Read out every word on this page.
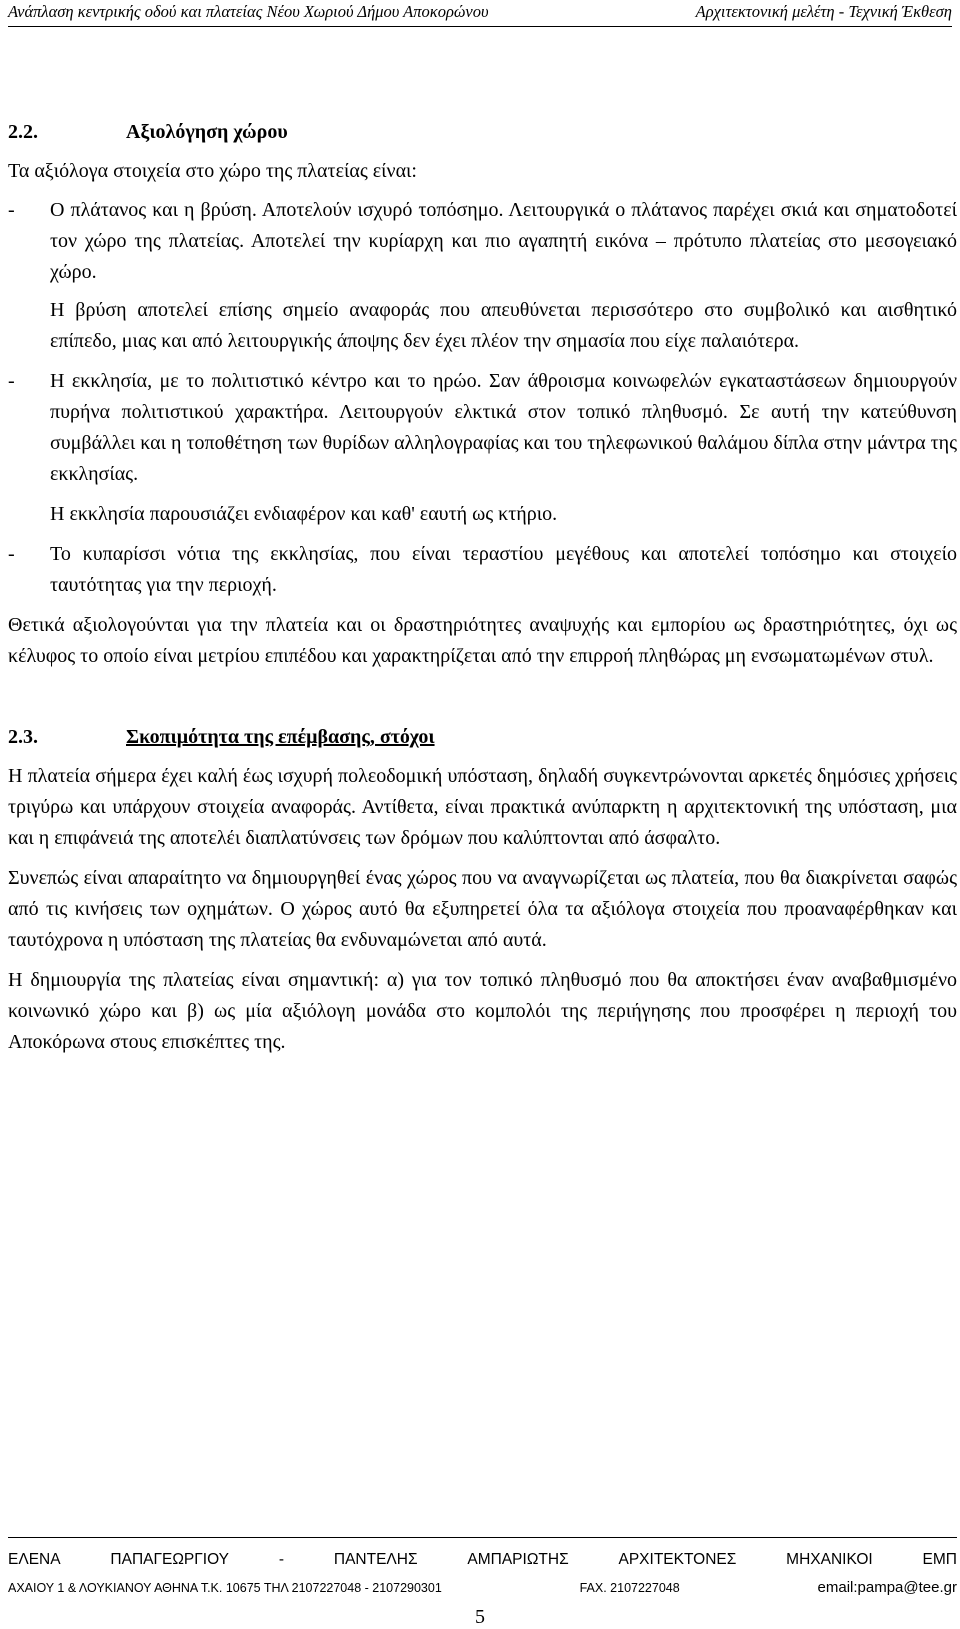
Ανάπλαση κεντρικής οδού και πλατείας Νέου Χωριού Δήμου Αποκορώνου	Αρχιτεκτονική μελέτη - Τεχνική Έκθεση
2.2.	Αξιολόγηση χώρου

Τα αξιόλογα στοιχεία στο χώρο της πλατείας είναι:

- Ο πλάτανος και η βρύση. Αποτελούν ισχυρό τοπόσημο. Λειτουργικά ο πλάτανος παρέχει σκιά και σηματοδοτεί τον χώρο της πλατείας. Αποτελεί την κυρίαρχη και πιο αγαπητή εικόνα – πρότυπο πλατείας στο μεσογειακό χώρο.

Η βρύση αποτελεί επίσης σημείο αναφοράς που απευθύνεται περισσότερο στο συμβολικό και αισθητικό επίπεδο, μιας και από λειτουργικής άποψης δεν έχει πλέον την σημασία που είχε παλαιότερα.

- Η εκκλησία, με το πολιτιστικό κέντρο και το ηρώο. Σαν άθροισμα κοινωφελών εγκαταστάσεων δημιουργούν πυρήνα πολιτιστικού χαρακτήρα. Λειτουργούν ελκτικά στον τοπικό πληθυσμό. Σε αυτή την κατεύθυνση συμβάλλει και η τοποθέτηση των θυρίδων αλληλογραφίας και του τηλεφωνικού θαλάμου δίπλα στην μάντρα της εκκλησίας.

Η εκκλησία παρουσιάζει ενδιαφέρον και καθ' εαυτή ως κτήριο.

- Το κυπαρίσσι νότια της εκκλησίας, που είναι τεραστίου μεγέθους και αποτελεί τοπόσημο και στοιχείο ταυτότητας για την περιοχή.

Θετικά αξιολογούνται για την πλατεία και οι δραστηριότητες αναψυχής και εμπορίου ως δραστηριότητες, όχι ως κέλυφος το οποίο είναι μετρίου επιπέδου και χαρακτηρίζεται από την επιρροή πληθώρας μη ενσωματωμένων στυλ.

2.3.	Σκοπιμότητα της επέμβασης, στόχοι

Η πλατεία σήμερα έχει καλή έως ισχυρή πολεοδομική υπόσταση, δηλαδή συγκεντρώνονται αρκετές δημόσιες χρήσεις τριγύρω και υπάρχουν στοιχεία αναφοράς. Αντίθετα, είναι πρακτικά ανύπαρκτη η αρχιτεκτονική της υπόσταση, μια και η επιφάνειά της αποτελέι διαπλατύνσεις των δρόμων που καλύπτονται από άσφαλτο.

Συνεπώς είναι απαραίτητο να δημιουργηθεί ένας χώρος που να αναγνωρίζεται ως πλατεία, που θα διακρίνεται σαφώς από τις κινήσεις των οχημάτων. Ο χώρος αυτό θα εξυπηρετεί όλα τα αξιόλογα στοιχεία που προαναφέρθηκαν και ταυτόχρονα η υπόσταση της πλατείας θα ενδυναμώνεται από αυτά.

Η δημιουργία της πλατείας είναι σημαντική: α) για τον τοπικό πληθυσμό που θα αποκτήσει έναν αναβαθμισμένο κοινωνικό χώρο και β) ως μία αξιόλογη μονάδα στο κομπολόι της περιήγησης που προσφέρει η περιοχή του Αποκόρωνα στους επισκέπτες της.

ΕΛΕΝΑ	ΠΑΠΑΓΕΩΡΓΙΟΥ	-	ΠΑΝΤΕΛΗΣ	ΑΜΠΑΡΙΩΤΗΣ	ΑΡΧΙΤΕΚΤΟΝΕΣ	ΜΗΧΑΝΙΚΟΙ	ΕΜΠ
ΑΧΑΙΟΥ 1 & ΛΟΥΚΙΑΝΟΥ ΑΘΗΝΑ Τ.Κ. 10675 ΤΗΛ 2107227048 - 2107290301	FAX. 2107227048	email:pampa@tee.gr
5
